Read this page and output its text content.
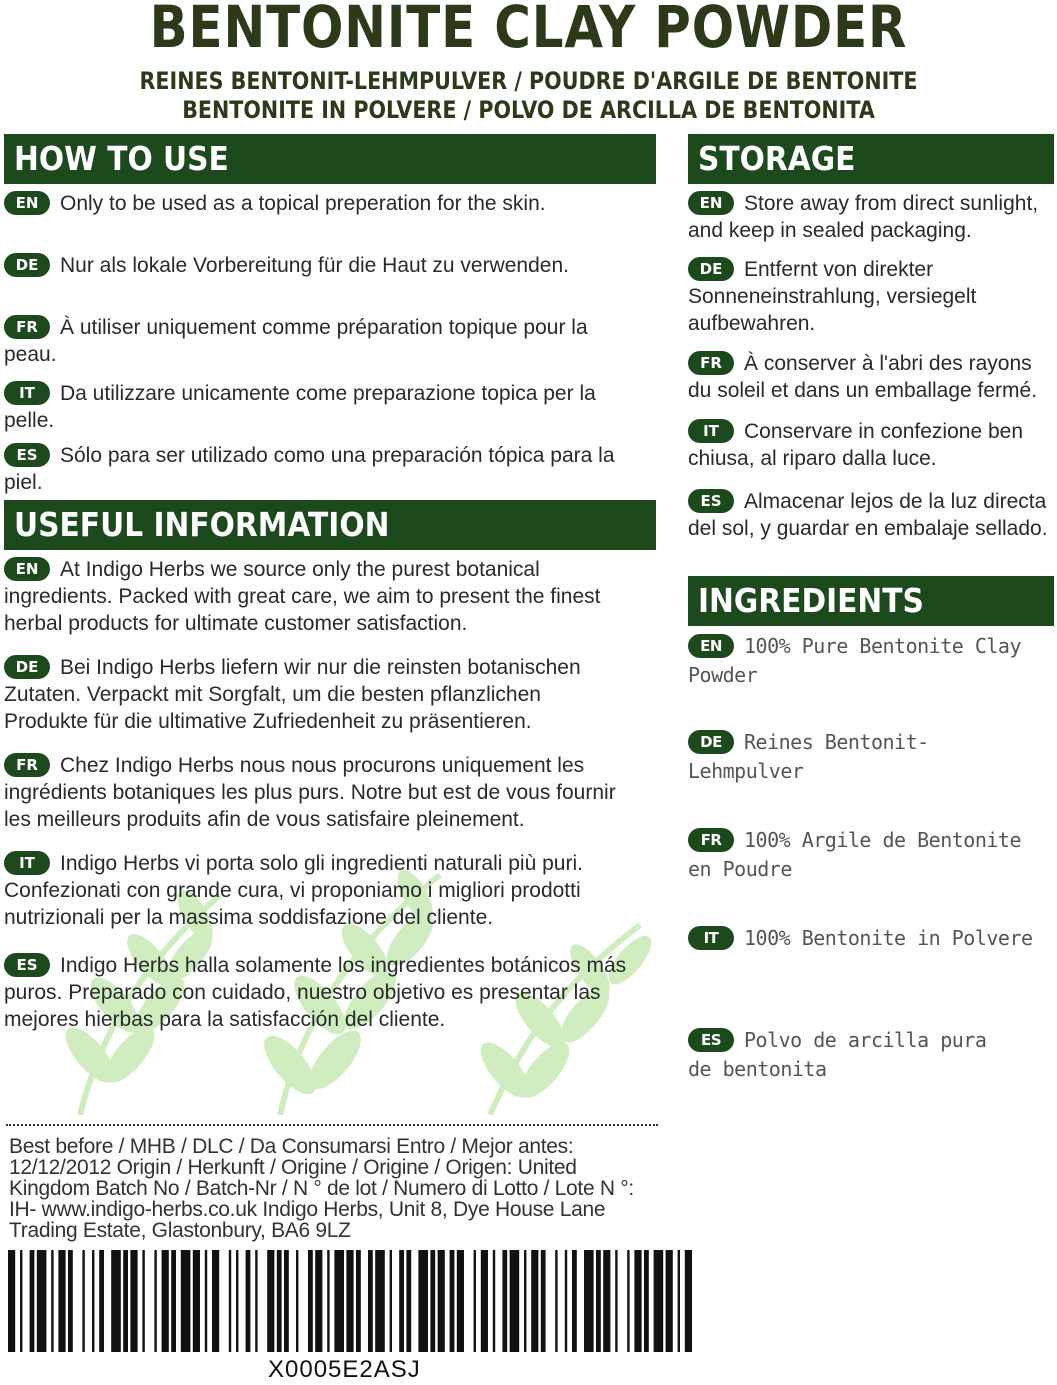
BENTONITE CLAY POWDER
REINES BENTONIT-LEHMPULVER / POUDRE D'ARGILE DE BENTONITE
BENTONITE IN POLVERE / POLVO DE ARCILLA DE BENTONITA
HOW TO USE
EN Only to be used as a topical preperation for the skin.
DE Nur als lokale Vorbereitung für die Haut zu verwenden.
FR À utiliser uniquement comme préparation topique pour la peau.
IT Da utilizzare unicamente come preparazione topica per la pelle.
ES Sólo para ser utilizado como una preparación tópica para la piel.
USEFUL INFORMATION
EN At Indigo Herbs we source only the purest botanical ingredients. Packed with great care, we aim to present the finest herbal products for ultimate customer satisfaction.
DE Bei Indigo Herbs liefern wir nur die reinsten botanischen Zutaten. Verpackt mit Sorgfalt, um die besten pflanzlichen Produkte für die ultimative Zufriedenheit zu präsentieren.
FR Chez Indigo Herbs nous nous procurons uniquement les ingrédients botaniques les plus purs. Notre but est de vous fournir les meilleurs produits afin de vous satisfaire pleinement.
IT Indigo Herbs vi porta solo gli ingredienti naturali più puri. Confezionati con grande cura, vi proponiamo i migliori prodotti nutrizionali per la massima soddisfazione del cliente.
ES Indigo Herbs halla solamente los ingredientes botánicos más puros. Preparado con cuidado, nuestro objetivo es presentar las mejores hierbas para la satisfacción del cliente.
STORAGE
EN Store away from direct sunlight, and keep in sealed packaging.
DE Entfernt von direkter Sonneneinstrahlung, versiegelt aufbewahren.
FR À conserver à l'abri des rayons du soleil et dans un emballage fermé.
IT Conservare in confezione ben chiusa, al riparo dalla luce.
ES Almacenar lejos de la luz directa del sol, y guardar en embalaje sellado.
INGREDIENTS
EN 100% Pure Bentonite Clay Powder
DE Reines Bentonit-Lehmpulver
FR 100% Argile de Bentonite en Poudre
IT 100% Bentonite in Polvere
ES Polvo de arcilla pura de bentonita
Best before / MHB / DLC / Da Consumarsi Entro / Mejor antes: 12/12/2012 Origin / Herkunft / Origine / Origine / Origen: United Kingdom Batch No / Batch-Nr / N ° de lot / Numero di Lotto / Lote N °: IH- www.indigo-herbs.co.uk Indigo Herbs, Unit 8, Dye House Lane Trading Estate, Glastonbury, BA6 9LZ
X0005E2ASJ
